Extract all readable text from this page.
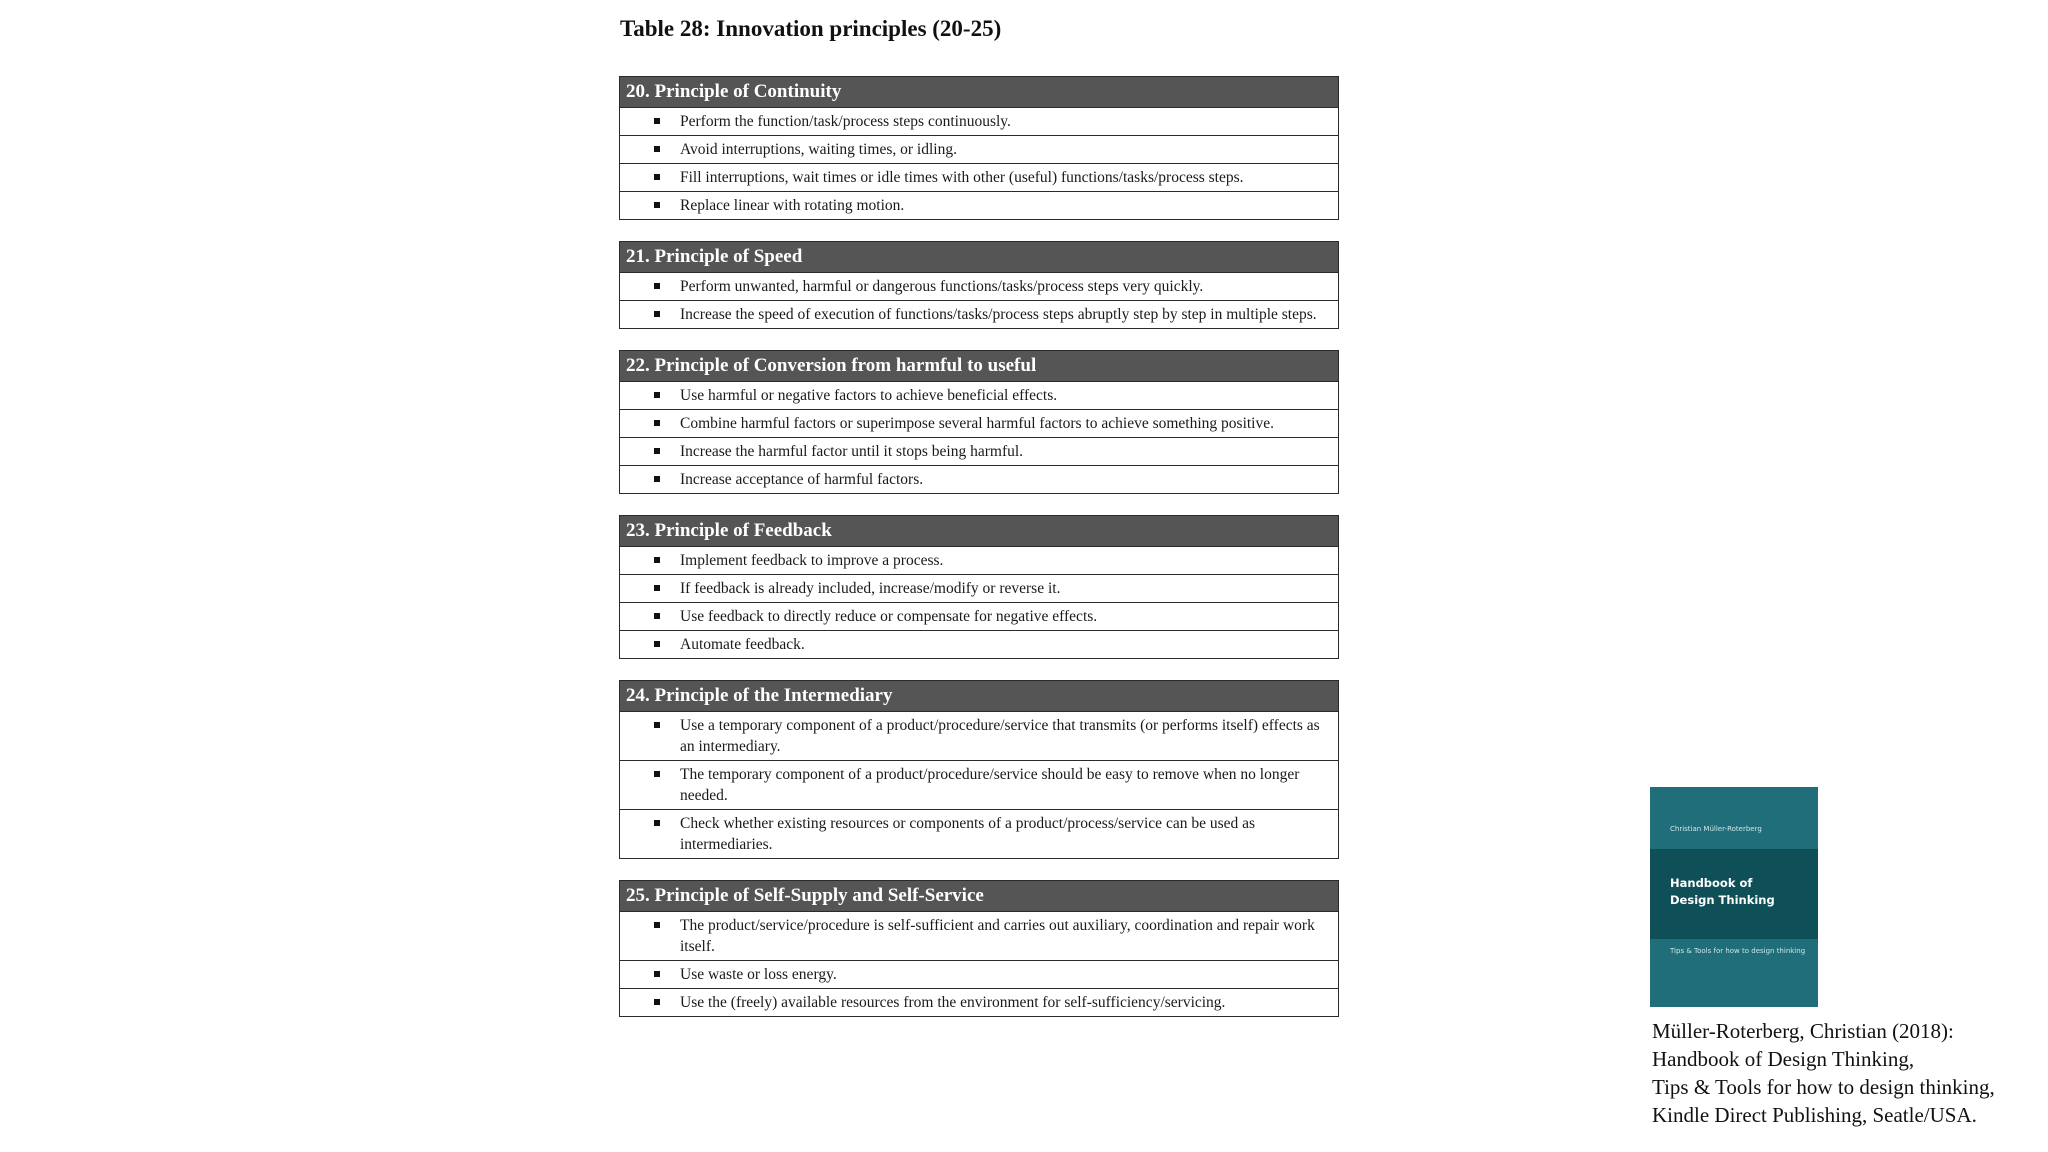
Table 28: Innovation principles (20-25)
20. Principle of Continuity
Perform the function/task/process steps continuously.
Avoid interruptions, waiting times, or idling.
Fill interruptions, wait times or idle times with other (useful) functions/tasks/process steps.
Replace linear with rotating motion.
21. Principle of Speed
Perform unwanted, harmful or dangerous functions/tasks/process steps very quickly.
Increase the speed of execution of functions/tasks/process steps abruptly step by step in multiple steps.
22. Principle of Conversion from harmful to useful
Use harmful or negative factors to achieve beneficial effects.
Combine harmful factors or superimpose several harmful factors to achieve something positive.
Increase the harmful factor until it stops being harmful.
Increase acceptance of harmful factors.
23. Principle of Feedback
Implement feedback to improve a process.
If feedback is already included, increase/modify or reverse it.
Use feedback to directly reduce or compensate for negative effects.
Automate feedback.
24. Principle of the Intermediary
Use a temporary component of a product/procedure/service that transmits (or performs itself) effects as an intermediary.
The temporary component of a product/procedure/service should be easy to remove when no longer needed.
Check whether existing resources or components of a product/process/service can be used as intermediaries.
25. Principle of Self-Supply and Self-Service
The product/service/procedure is self-sufficient and carries out auxiliary, coordination and repair work itself.
Use waste or loss energy.
Use the (freely) available resources from the environment for self-sufficiency/servicing.
Christian Müller-Roterberg
Handbook of
Design Thinking
Tips & Tools for how to design thinking
Müller-Roterberg, Christian (2018):
Handbook of Design Thinking,
Tips & Tools for how to design thinking,
Kindle Direct Publishing, Seatle/USA.
